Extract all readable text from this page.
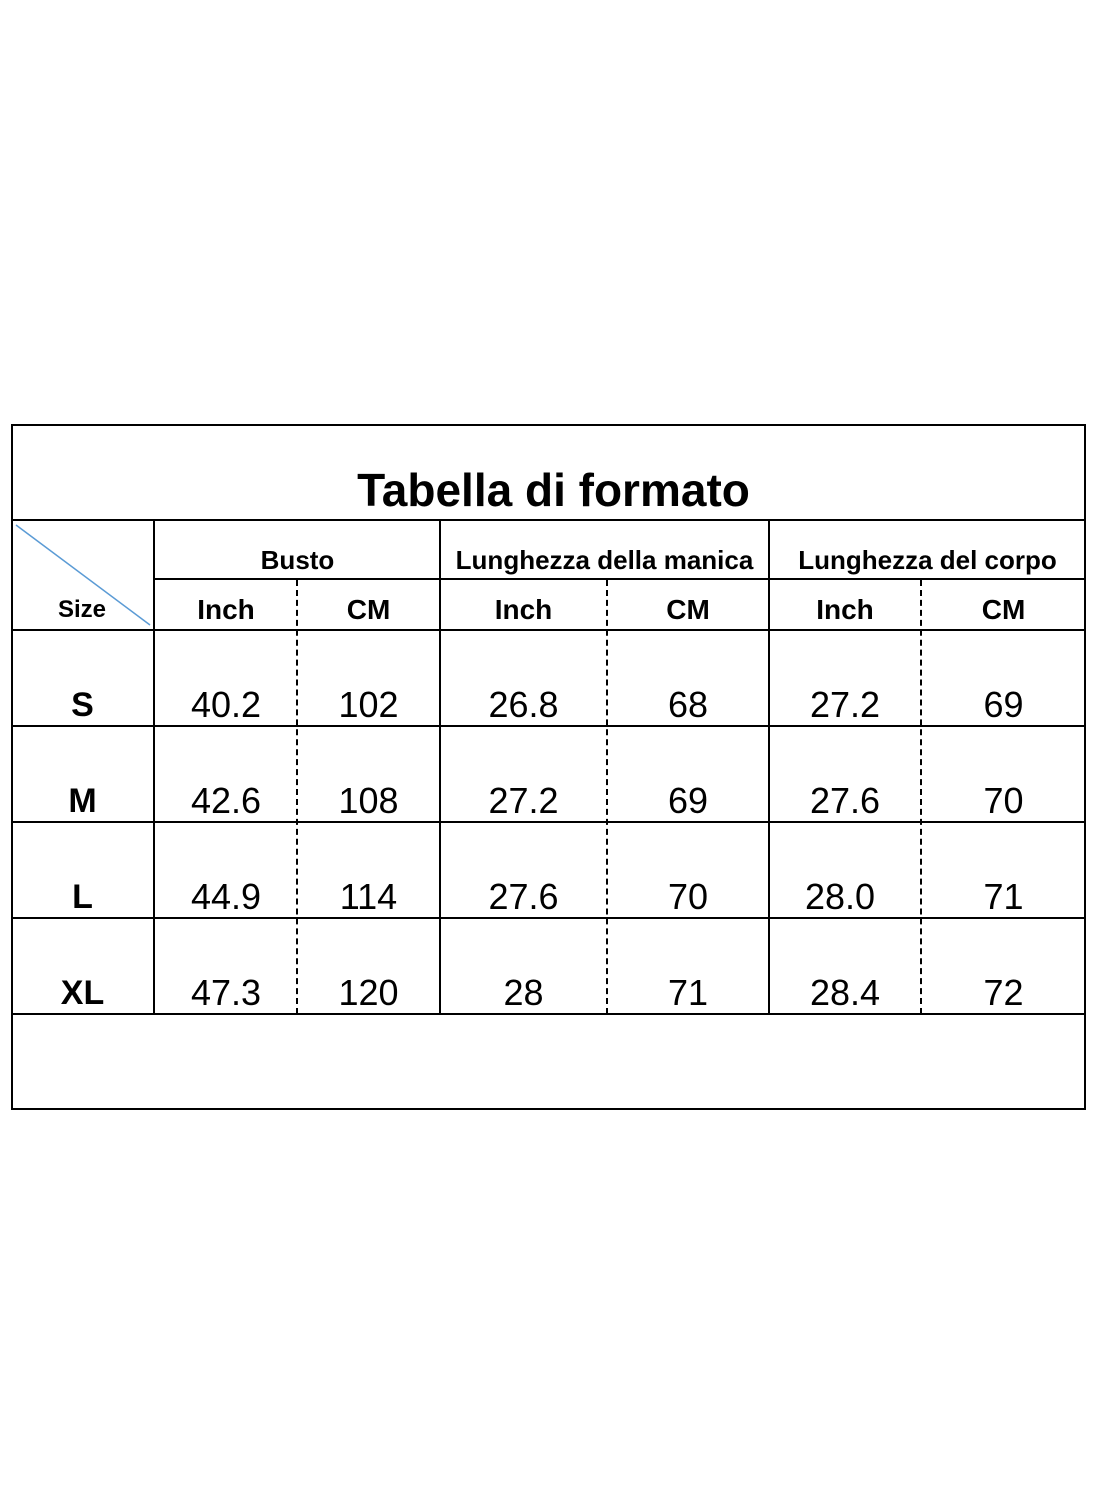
Tabella di formato
Size
Busto	Lunghezza della manica	Lunghezza del corpo
Inch	CM	Inch	CM	Inch	CM
S	40.2	102	26.8	68	27.2	69
M	42.6	108	27.2	69	27.6	70
L	44.9	114	27.6	70	28.0	71
XL	47.3	120	28	71	28.4	72
